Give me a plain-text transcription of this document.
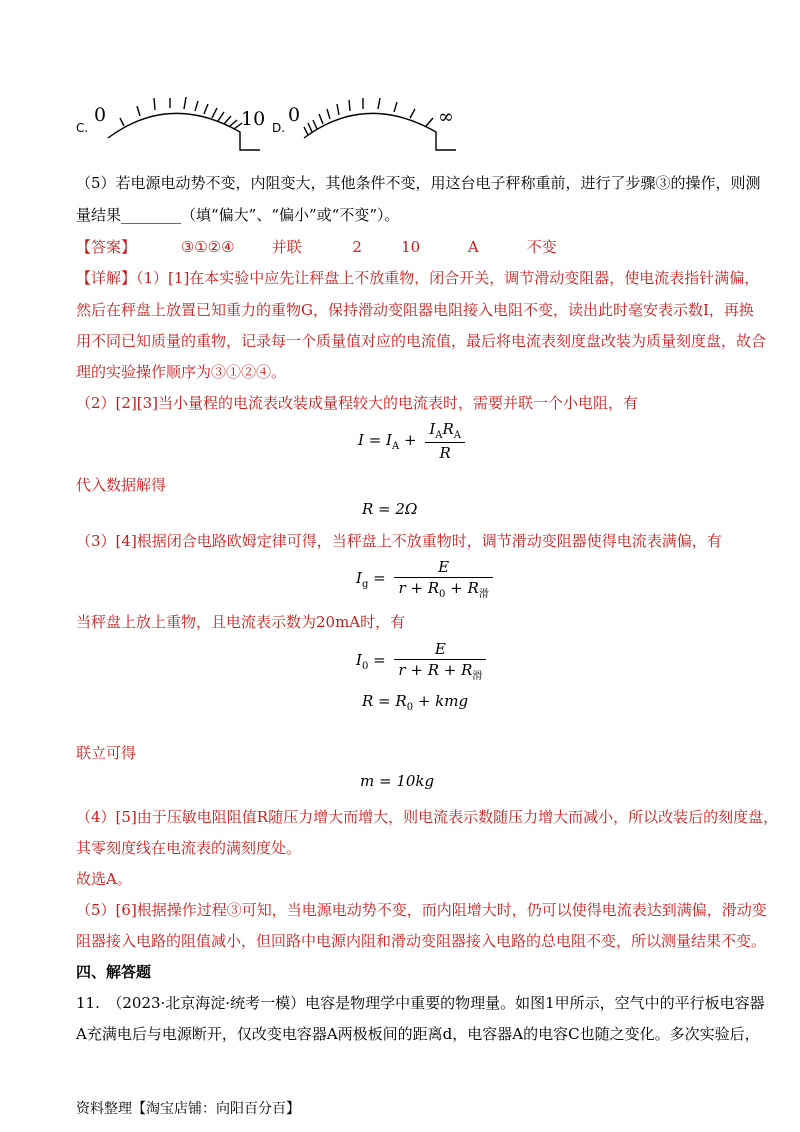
C.
0	10 D.
0	∞
（5）若电源电动势不变，内阻变大，其他条件不变，用这台电子秤称重前，进行了步骤③的操作，则测
量结果________（填“偏大”、“偏小”或“不变”）。
【答案】	③①②④ 并联	2	10	A	不变
【详解】（1）[1]在本实验中应先让秤盘上不放重物，闭合开关，调节滑动变阻器，使电流表指针满偏，
然后在秤盘上放置已知重力的重物G，保持滑动变阻器电阻接入电阻不变，读出此时毫安表示数I，再换
用不同已知质量的重物，记录每一个质量值对应的电流值，最后将电流表刻度盘改装为质量刻度盘，故合
理的实验操作顺序为③①②④。
（2）[2][3]当小量程的电流表改装成量程较大的电流表时，需要并联一个小电阻，有
$I = I_A + \frac{I_AR_A}{R}$
代入数据解得
R = 2Ω
（3）[4]根据闭合电路欧姆定律可得，当秤盘上不放重物时，调节滑动变阻器使得电流表满偏，有
$I_g = \frac{E}{r + R_0 + R_滑}$
当秤盘上放上重物，且电流表示数为20mA时，有
$I_0 = \frac{E}{r + R + R_滑}$
$R = R_0$ + kmg
联立可得
m = 10kg
（4）[5]由于压敏电阻阻值R随压力增大而增大，则电流表示数随压力增大而减小，所以改装后的刻度盘，
其零刻度线在电流表的满刻度处。
故选A。
（5）[6]根据操作过程③可知，当电源电动势不变，而内阻增大时，仍可以使得电流表达到满偏，滑动变
阻器接入电路的阻值减小，但回路中电源内阻和滑动变阻器接入电路的总电阻不变，所以测量结果不变。
四、解答题
11.　（2023·北京海淀·统考一模）电容是物理学中重要的物理量。如图1甲所示，空气中的平行板电容器
A充满电后与电源断开，仅改变电容器A两极板间的距离d，电容器A的电容C也随之变化。多次实验后，
资料整理【淘宝店铺：向阳百分百】
